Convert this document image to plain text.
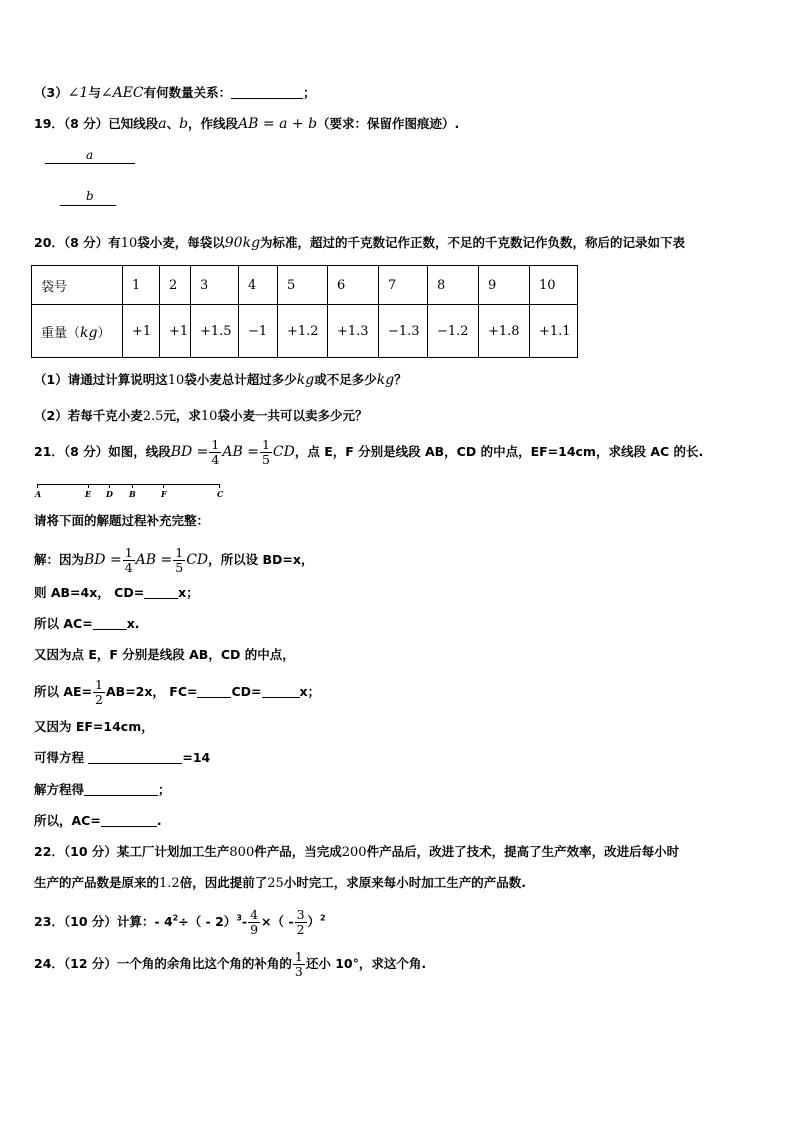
（3）∠1与∠AEC有何数量关系：	；
19．（8 分）已知线段a、b，作线段AB = a + b（要求：保留作图痕迹）.
a
b
20．（8 分）有10袋小麦，每袋以90kg为标准，超过的千克数记作正数，不足的千克数记作负数，称后的记录如下表
袋号	1	2	3	4	5	6	7	8	9	10
重量（kg）	+1	+1	+1.5	−1	+1.2	+1.3	−1.3	−1.2	+1.8	+1.1
（1）请通过计算说明这10袋小麦总计超过多少kg或不足多少kg？
（2）若每千克小麦2.5元，求10袋小麦一共可以卖多少元？
21．（8 分）如图，线段BD = $\frac{1}{4}$ AB = $\frac{1}{5}$ CD，点 E，F 分别是线段 AB，CD 的中点，EF=14cm，求线段 AC 的长.
A	E D B	F	C
请将下面的解题过程补充完整：
解：因为BD = $\frac{1}{4}$ AB = $\frac{1}{5}$ CD，所以设 BD=x，
则 AB=4x， CD=	x；
所以 AC=	x.
又因为点 E，F 分别是线段 AB，CD 的中点，
所以 $AE= \frac{1}{2} AB=2x$， FC=	CD=	x；
又因为 EF=14cm，
可得方程	=14
解方程得	；
所以，AC=	.
22．（10 分）某工厂计划加工生产800件产品，当完成200件产品后，改进了技术，提高了生产效率，改进后每小时
生产的产品数是原来的1.2倍，因此提前了25小时完工，求原来每小时加工生产的产品数.
23．（10 分）计算：- $4^2\div( - 2)^3- \frac{4}{9}$ ×（ - $\frac{3}{2} )^2$
24．（12 分）一个角的余角比这个角的补角的 $\frac{1}{3}$ 还小 10°，求这个角.
